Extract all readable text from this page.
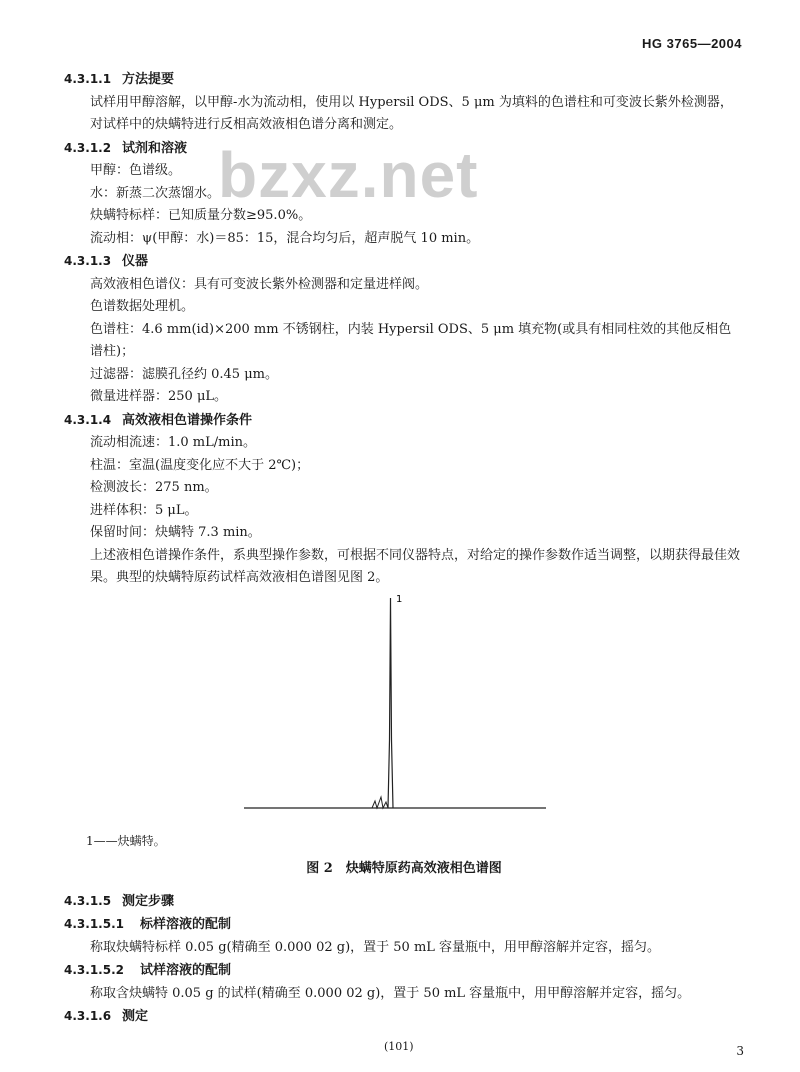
HG 3765—2004
bzxz.net
4.3.1.1 方法提要
试样用甲醇溶解，以甲醇-水为流动相，使用以 Hypersil ODS、5 μm 为填料的色谱柱和可变波长紫外检测器，对试样中的炔螨特进行反相高效液相色谱分离和测定。
4.3.1.2 试剂和溶液
甲醇：色谱级。
水：新蒸二次蒸馏水。
炔螨特标样：已知质量分数≥95.0%。
流动相：ψ(甲醇：水)＝85：15，混合均匀后，超声脱气 10 min。
4.3.1.3 仪器
高效液相色谱仪：具有可变波长紫外检测器和定量进样阀。
色谱数据处理机。
色谱柱：4.6 mm(id)×200 mm 不锈钢柱，内装 Hypersil ODS、5 μm 填充物(或具有相同柱效的其他反相色谱柱)；
过滤器：滤膜孔径约 0.45 μm。
微量进样器：250 μL。
4.3.1.4 高效液相色谱操作条件
流动相流速：1.0 mL/min。
柱温：室温(温度变化应不大于 2℃)；
检测波长：275 nm。
进样体积：5 μL。
保留时间：炔螨特 7.3 min。
上述液相色谱操作条件，系典型操作参数，可根据不同仪器特点，对给定的操作参数作适当调整，以期获得最佳效果。典型的炔螨特原药试样高效液相色谱图见图 2。
1
1——炔螨特。
图 2　炔螨特原药高效液相色谱图
4.3.1.5 测定步骤
4.3.1.5.1 标样溶液的配制
称取炔螨特标样 0.05 g(精确至 0.000 02 g)，置于 50 mL 容量瓶中，用甲醇溶解并定容，摇匀。
4.3.1.5.2 试样溶液的配制
称取含炔螨特 0.05 g 的试样(精确至 0.000 02 g)，置于 50 mL 容量瓶中，用甲醇溶解并定容，摇匀。
4.3.1.6 测定
(101)	3
